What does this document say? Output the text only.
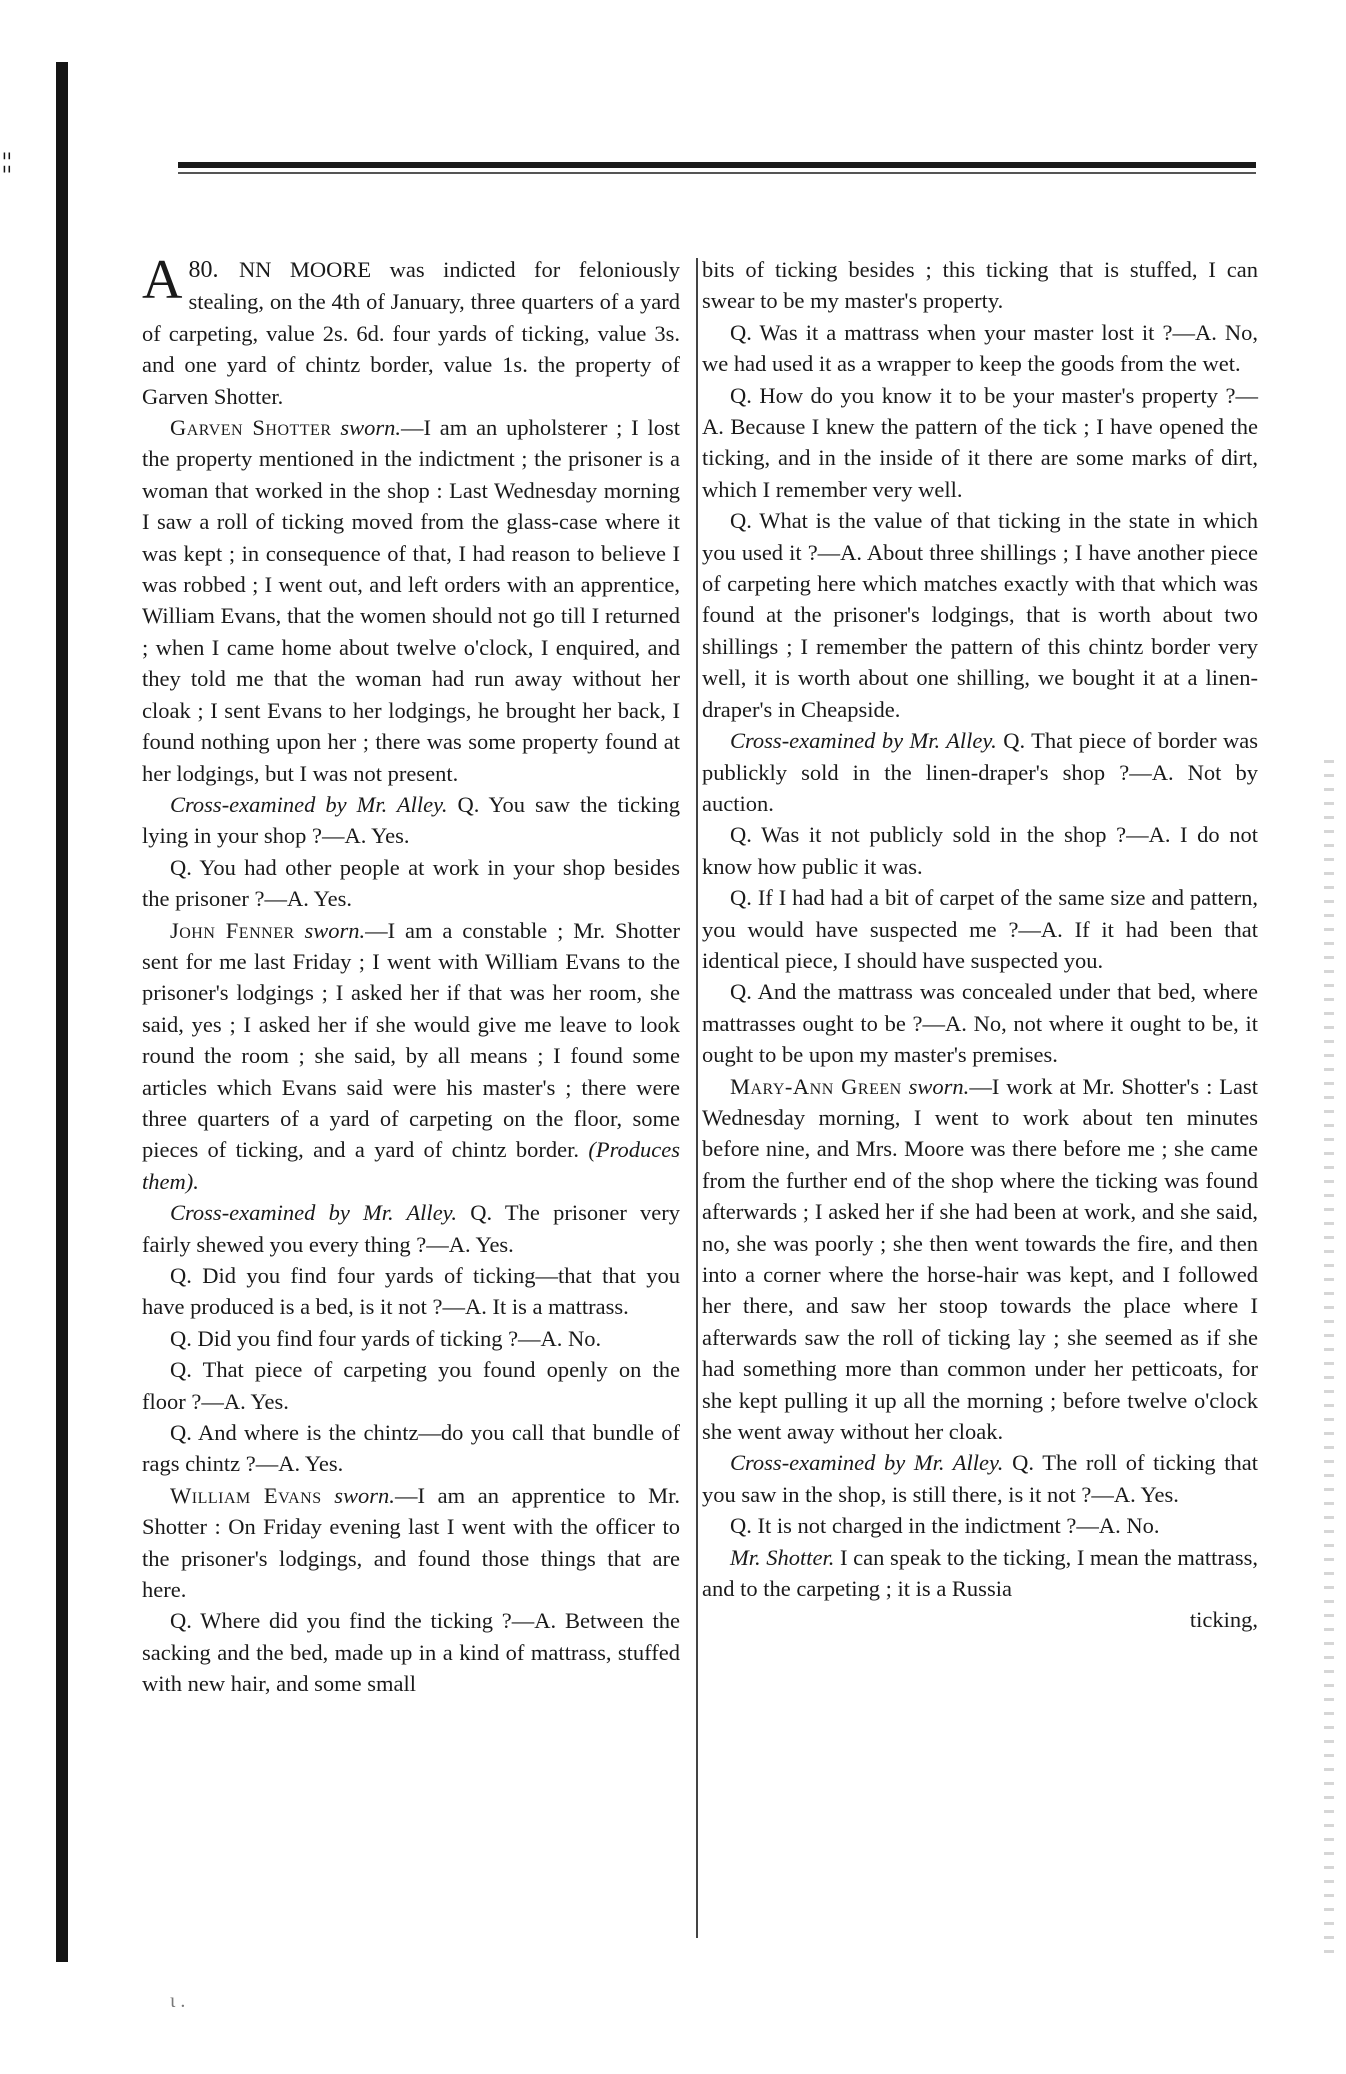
¦¦

80.
A	NN MOORE was indicted for feloniously stealing, on the 4th of January, three quarters of a yard of carpeting, value 2s. 6d. four yards of ticking, value 3s. and one yard of chintz border, value 1s. the property of Garven Shotter.

Garven Shotter sworn.—I am an upholsterer ; I lost the property mentioned in the indictment ; the prisoner is a woman that worked in the shop : Last Wednesday morning I saw a roll of ticking moved from the glass-case where it was kept ; in consequence of that, I had reason to believe I was robbed ; I went out, and left orders with an apprentice, William Evans, that the women should not go till I returned ; when I came home about twelve o'clock, I enquired, and they told me that the woman had run away without her cloak ; I sent Evans to her lodgings, he brought her back, I found nothing upon her ; there was some property found at her lodgings, but I was not present.

Cross-examined by Mr. Alley. Q. You saw the ticking lying in your shop ?—A. Yes.

Q. You had other people at work in your shop besides the prisoner ?—A. Yes.

John Fenner sworn.—I am a constable ; Mr. Shotter sent for me last Friday ; I went with William Evans to the prisoner's lodgings ; I asked her if that was her room, she said, yes ; I asked her if she would give me leave to look round the room ; she said, by all means ; I found some articles which Evans said were his master's ; there were three quarters of a yard of carpeting on the floor, some pieces of ticking, and a yard of chintz border. (Produces them).

Cross-examined by Mr. Alley. Q. The prisoner very fairly shewed you every thing ?—A. Yes.

Q. Did you find four yards of ticking—that that you have produced is a bed, is it not ?—A. It is a mattrass.

Q. Did you find four yards of ticking ?—A. No.

Q. That piece of carpeting you found openly on the floor ?—A. Yes.

Q. And where is the chintz—do you call that bundle of rags chintz ?—A. Yes.

William Evans sworn.—I am an apprentice to Mr. Shotter : On Friday evening last I went with the officer to the prisoner's lodgings, and found those things that are here.

Q. Where did you find the ticking ?—A. Between the sacking and the bed, made up in a kind of mattrass, stuffed with new hair, and some small

bits of ticking besides ; this ticking that is stuffed, I can swear to be my master's property.

Q. Was it a mattrass when your master lost it ?—A. No, we had used it as a wrapper to keep the goods from the wet.

Q. How do you know it to be your master's property ?—A. Because I knew the pattern of the tick ; I have opened the ticking, and in the inside of it there are some marks of dirt, which I remember very well.

Q. What is the value of that ticking in the state in which you used it ?—A. About three shillings ; I have another piece of carpeting here which matches exactly with that which was found at the prisoner's lodgings, that is worth about two shillings ; I remember the pattern of this chintz border very well, it is worth about one shilling, we bought it at a linen-draper's in Cheapside.

Cross-examined by Mr. Alley. Q. That piece of border was publickly sold in the linen-draper's shop ?—A. Not by auction.

Q. Was it not publicly sold in the shop ?—A. I do not know how public it was.

Q. If I had had a bit of carpet of the same size and pattern, you would have suspected me ?—A. If it had been that identical piece, I should have suspected you.

Q. And the mattrass was concealed under that bed, where mattrasses ought to be ?—A. No, not where it ought to be, it ought to be upon my master's premises.

Mary-Ann Green sworn.—I work at Mr. Shotter's : Last Wednesday morning, I went to work about ten minutes before nine, and Mrs. Moore was there before me ; she came from the further end of the shop where the ticking was found afterwards ; I asked her if she had been at work, and she said, no, she was poorly ; she then went towards the fire, and then into a corner where the horse-hair was kept, and I followed her there, and saw her stoop towards the place where I afterwards saw the roll of ticking lay ; she seemed as if she had something more than common under her petticoats, for she kept pulling it up all the morning ; before twelve o'clock she went away without her cloak.

Cross-examined by Mr. Alley. Q. The roll of ticking that you saw in the shop, is still there, is it not ?—A. Yes.

Q. It is not charged in the indictment ?—A. No.

Mr. Shotter. I can speak to the ticking, I mean the mattrass, and to the carpeting ; it is a Russia

ticking,

ι .
